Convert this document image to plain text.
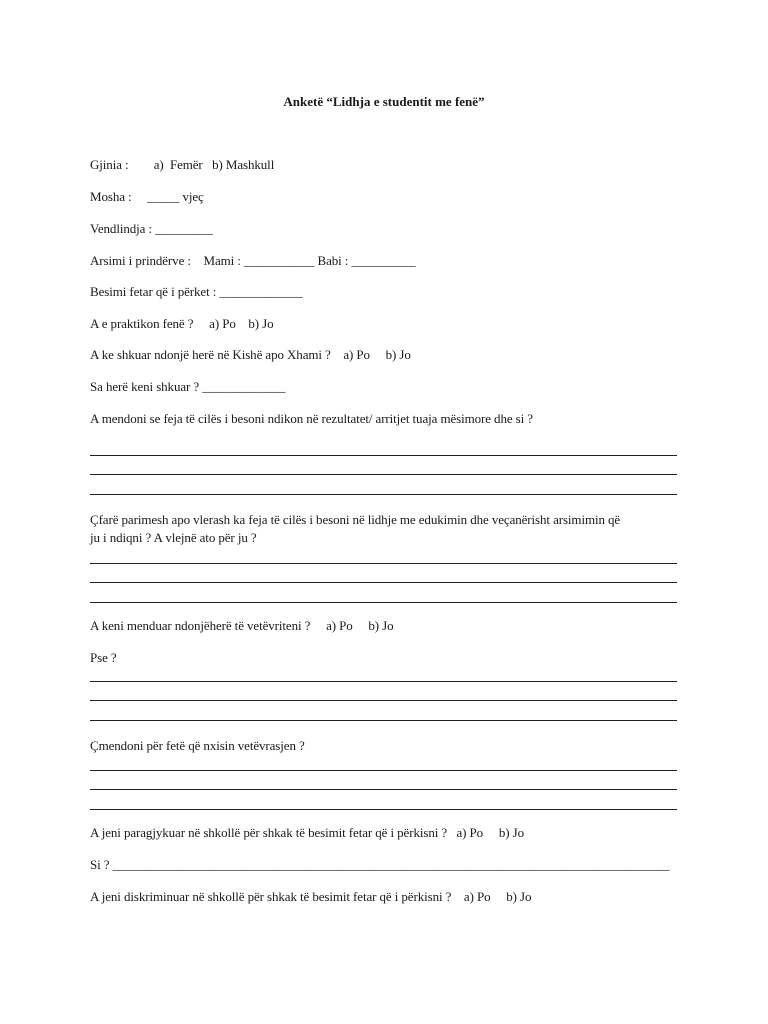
Anketë “Lidhja e studentit me fenë”
Gjinia :        a)  Femër   b) Mashkull
Mosha :     _____ vjeç
Vendlindja : _________
Arsimi i prindërve :    Mami : ___________ Babi : __________
Besimi fetar që i përket : _____________
A e praktikon fenë ?     a) Po    b) Jo
A ke shkuar ndonjë herë në Kishë apo Xhami ?    a) Po     b) Jo
Sa herë keni shkuar ? _____________
A mendoni se feja të cilës i besoni ndikon në rezultatet/ arritjet tuaja mësimore dhe si ?
Çfarë parimesh apo vlerash ka feja të cilës i besoni në lidhje me edukimin dhe veçanërisht arsimimin që
ju i ndiqni ? A vlejnë ato për ju ?
A keni menduar ndonjëherë të vetëvriteni ?     a) Po     b) Jo
Pse ?
Çmendoni për fetë që nxisin vetëvrasjen ?
A jeni paragjykuar në shkollë për shkak të besimit fetar që i përkisni ?   a) Po     b) Jo
Si ? _______________________________________________________________________________________
A jeni diskriminuar në shkollë për shkak të besimit fetar që i përkisni ?    a) Po     b) Jo
